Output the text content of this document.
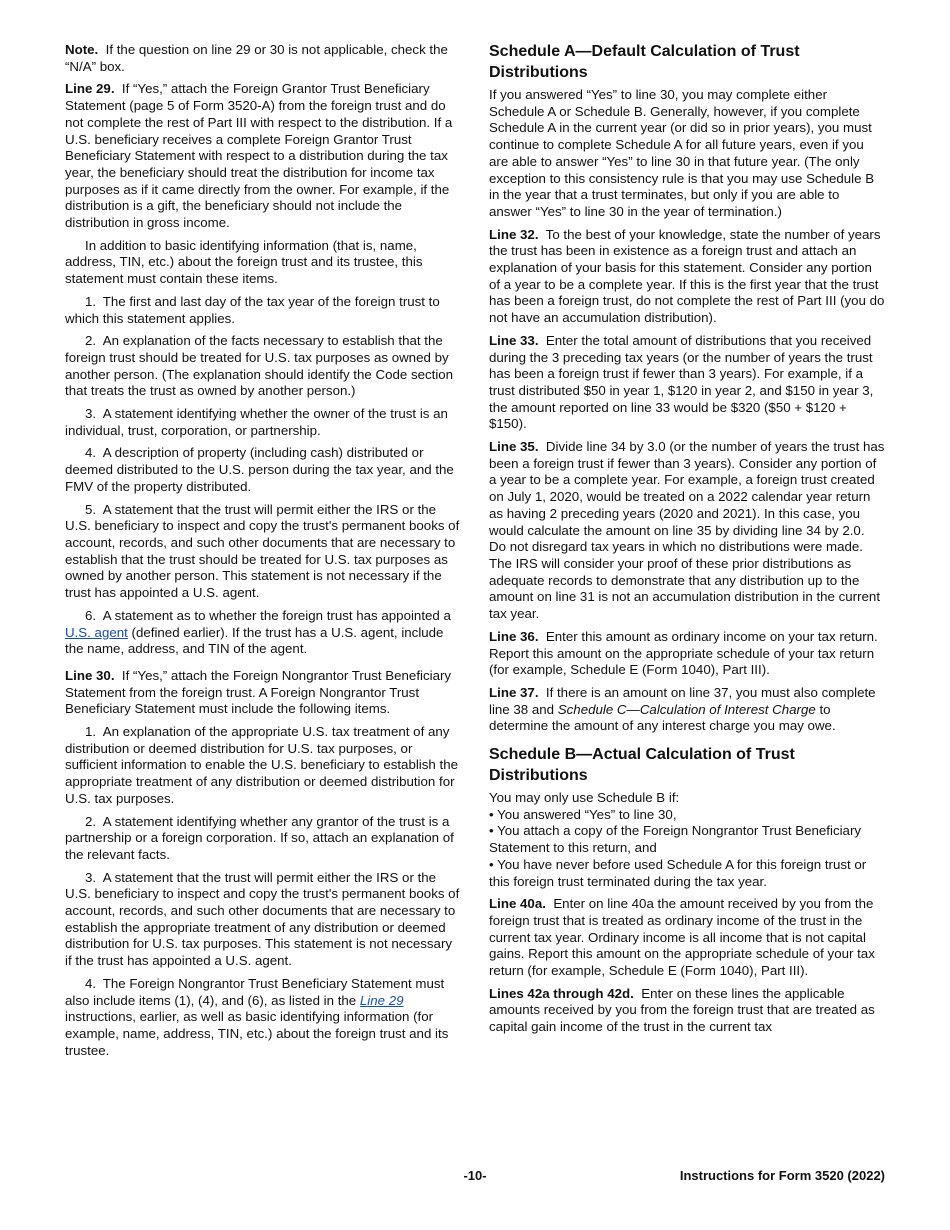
Note. If the question on line 29 or 30 is not applicable, check the “N/A” box.

Line 29. If “Yes,” attach the Foreign Grantor Trust Beneficiary Statement (page 5 of Form 3520-A) from the foreign trust and do not complete the rest of Part III with respect to the distribution. If a U.S. beneficiary receives a complete Foreign Grantor Trust Beneficiary Statement with respect to a distribution during the tax year, the beneficiary should treat the distribution for income tax purposes as if it came directly from the owner. For example, if the distribution is a gift, the beneficiary should not include the distribution in gross income.

In addition to basic identifying information (that is, name, address, TIN, etc.) about the foreign trust and its trustee, this statement must contain these items.

1. The first and last day of the tax year of the foreign trust to which this statement applies.

2. An explanation of the facts necessary to establish that the foreign trust should be treated for U.S. tax purposes as owned by another person. (The explanation should identify the Code section that treats the trust as owned by another person.)

3. A statement identifying whether the owner of the trust is an individual, trust, corporation, or partnership.

4. A description of property (including cash) distributed or deemed distributed to the U.S. person during the tax year, and the FMV of the property distributed.

5. A statement that the trust will permit either the IRS or the U.S. beneficiary to inspect and copy the trust's permanent books of account, records, and such other documents that are necessary to establish that the trust should be treated for U.S. tax purposes as owned by another person. This statement is not necessary if the trust has appointed a U.S. agent.

6. A statement as to whether the foreign trust has appointed a U.S. agent (defined earlier). If the trust has a U.S. agent, include the name, address, and TIN of the agent.

Line 30. If “Yes,” attach the Foreign Nongrantor Trust Beneficiary Statement from the foreign trust. A Foreign Nongrantor Trust Beneficiary Statement must include the following items.

1. An explanation of the appropriate U.S. tax treatment of any distribution or deemed distribution for U.S. tax purposes, or sufficient information to enable the U.S. beneficiary to establish the appropriate treatment of any distribution or deemed distribution for U.S. tax purposes.

2. A statement identifying whether any grantor of the trust is a partnership or a foreign corporation. If so, attach an explanation of the relevant facts.

3. A statement that the trust will permit either the IRS or the U.S. beneficiary to inspect and copy the trust's permanent books of account, records, and such other documents that are necessary to establish the appropriate treatment of any distribution or deemed distribution for U.S. tax purposes. This statement is not necessary if the trust has appointed a U.S. agent.

4. The Foreign Nongrantor Trust Beneficiary Statement must also include items (1), (4), and (6), as listed in the Line 29 instructions, earlier, as well as basic identifying information (for example, name, address, TIN, etc.) about the foreign trust and its trustee.

Schedule A—Default Calculation of Trust Distributions

If you answered “Yes” to line 30, you may complete either Schedule A or Schedule B. Generally, however, if you complete Schedule A in the current year (or did so in prior years), you must continue to complete Schedule A for all future years, even if you are able to answer “Yes” to line 30 in that future year. (The only exception to this consistency rule is that you may use Schedule B in the year that a trust terminates, but only if you are able to answer “Yes” to line 30 in the year of termination.)

Line 32. To the best of your knowledge, state the number of years the trust has been in existence as a foreign trust and attach an explanation of your basis for this statement. Consider any portion of a year to be a complete year. If this is the first year that the trust has been a foreign trust, do not complete the rest of Part III (you do not have an accumulation distribution).

Line 33. Enter the total amount of distributions that you received during the 3 preceding tax years (or the number of years the trust has been a foreign trust if fewer than 3 years). For example, if a trust distributed $50 in year 1, $120 in year 2, and $150 in year 3, the amount reported on line 33 would be $320 ($50 + $120 + $150).

Line 35. Divide line 34 by 3.0 (or the number of years the trust has been a foreign trust if fewer than 3 years). Consider any portion of a year to be a complete year. For example, a foreign trust created on July 1, 2020, would be treated on a 2022 calendar year return as having 2 preceding years (2020 and 2021). In this case, you would calculate the amount on line 35 by dividing line 34 by 2.0. Do not disregard tax years in which no distributions were made. The IRS will consider your proof of these prior distributions as adequate records to demonstrate that any distribution up to the amount on line 31 is not an accumulation distribution in the current tax year.

Line 36. Enter this amount as ordinary income on your tax return. Report this amount on the appropriate schedule of your tax return (for example, Schedule E (Form 1040), Part III).

Line 37. If there is an amount on line 37, you must also complete line 38 and Schedule C—Calculation of Interest Charge to determine the amount of any interest charge you may owe.

Schedule B—Actual Calculation of Trust Distributions

You may only use Schedule B if:

• You answered “Yes” to line 30,

• You attach a copy of the Foreign Nongrantor Trust Beneficiary Statement to this return, and

• You have never before used Schedule A for this foreign trust or this foreign trust terminated during the tax year.

Line 40a. Enter on line 40a the amount received by you from the foreign trust that is treated as ordinary income of the trust in the current tax year. Ordinary income is all income that is not capital gains. Report this amount on the appropriate schedule of your tax return (for example, Schedule E (Form 1040), Part III).

Lines 42a through 42d. Enter on these lines the applicable amounts received by you from the foreign trust that are treated as capital gain income of the trust in the current tax

-10-	Instructions for Form 3520 (2022)
